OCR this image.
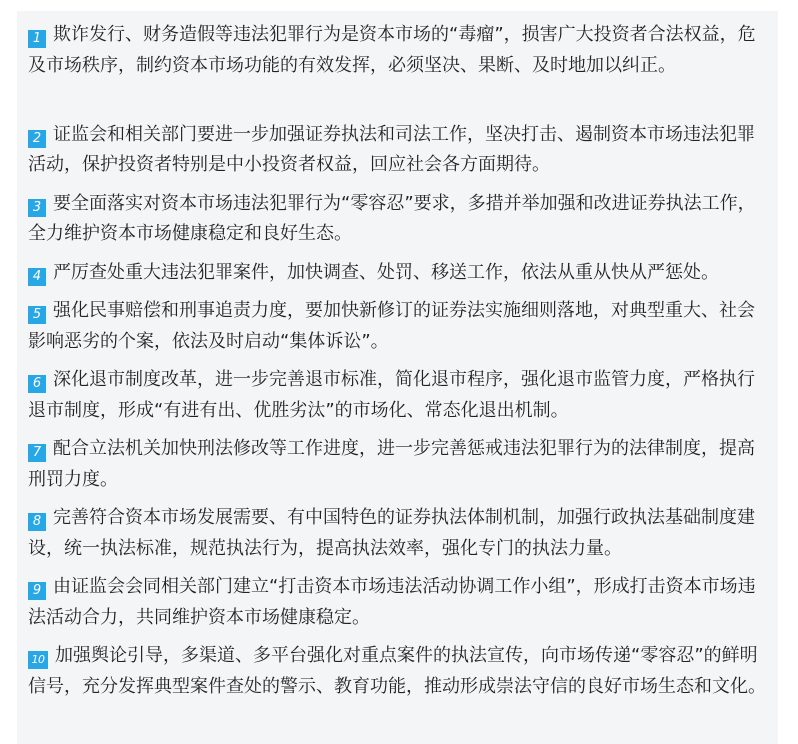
1 欺诈发行、财务造假等违法犯罪行为是资本市场的“毒瘤”，损害广大投资者合法权益，危及市场秩序，制约资本市场功能的有效发挥，必须坚决、果断、及时地加以纠正。
2 证监会和相关部门要进一步加强证券执法和司法工作，坚决打击、遏制资本市场违法犯罪活动，保护投资者特别是中小投资者权益，回应社会各方面期待。
3 要全面落实对资本市场违法犯罪行为“零容忍”要求，多措并举加强和改进证券执法工作，全力维护资本市场健康稳定和良好生态。
4 严厉查处重大违法犯罪案件，加快调查、处罚、移送工作，依法从重从快从严惩处。
5 强化民事赔偿和刑事追责力度，要加快新修订的证券法实施细则落地，对典型重大、社会影响恶劣的个案，依法及时启动“集体诉讼”。
6 深化退市制度改革，进一步完善退市标准，简化退市程序，强化退市监管力度，严格执行退市制度，形成“有进有出、优胜劣汰”的市场化、常态化退出机制。
7 配合立法机关加快刑法修改等工作进度，进一步完善惩戒违法犯罪行为的法律制度，提高刑罚力度。
8 完善符合资本市场发展需要、有中国特色的证券执法体制机制，加强行政执法基础制度建设，统一执法标准，规范执法行为，提高执法效率，强化专门的执法力量。
9 由证监会会同相关部门建立“打击资本市场违法活动协调工作小组”，形成打击资本市场违法活动合力，共同维护资本市场健康稳定。
10 加强舆论引导，多渠道、多平台强化对重点案件的执法宣传，向市场传递“零容忍”的鲜明信号，充分发挥典型案件查处的警示、教育功能，推动形成崇法守信的良好市场生态和文化。
